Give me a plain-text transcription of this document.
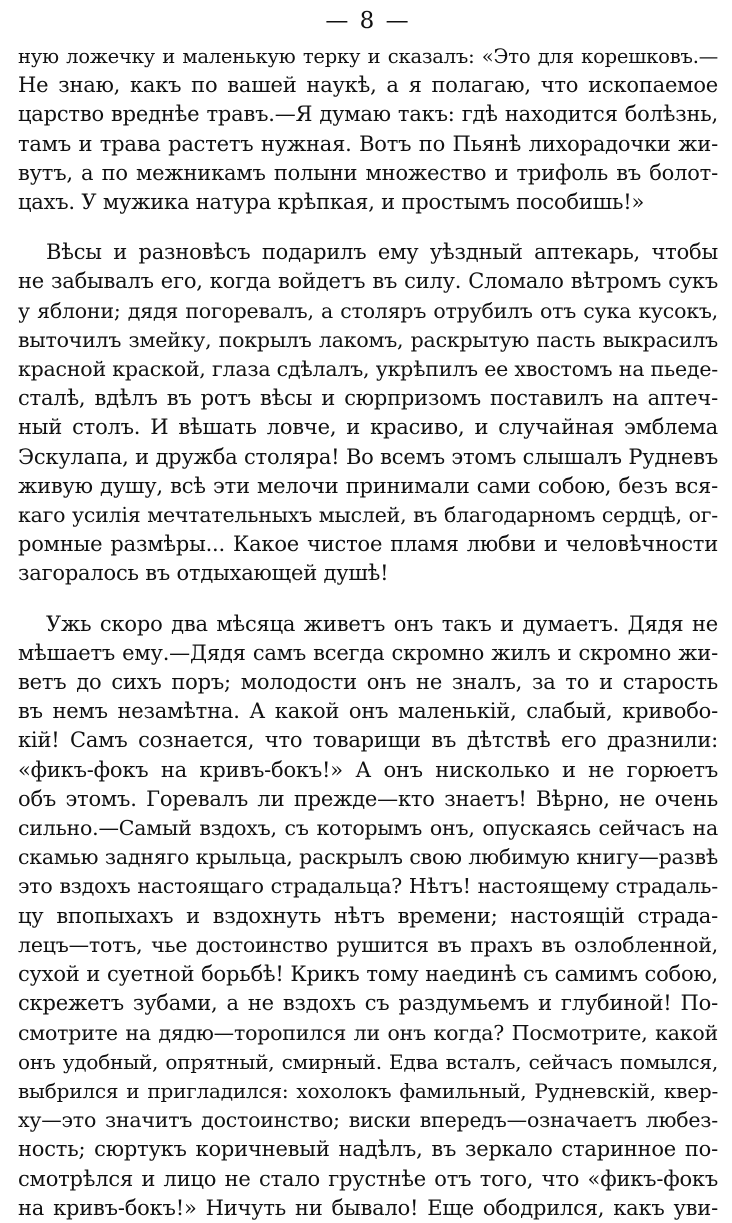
— 8 —
ную ложечку и маленькую терку и сказалъ: «Это для корешковъ.—
Не знаю, какъ по вашей наукѣ, а я полагаю, что ископаемое
царство вреднѣе травъ.—Я думаю такъ: гдѣ находится болѣзнь,
тамъ и трава растетъ нужная. Вотъ по Пьянѣ лихорадочки жи-
вутъ, а по межникамъ полыни множество и трифоль въ болот-
цахъ. У мужика натура крѣпкая, и простымъ пособишь!»
Вѣсы и разновѣсъ подарилъ ему уѣздный аптекарь, чтобы
не забывалъ его, когда войдетъ въ силу. Сломало вѣтромъ сукъ
у яблони; дядя погоревалъ, а столяръ отрубилъ отъ сука кусокъ,
выточилъ змейку, покрылъ лакомъ, раскрытую пасть выкрасилъ
красной краской, глаза сдѣлалъ, укрѣпилъ ее хвостомъ на пьеде-
сталѣ, вдѣлъ въ ротъ вѣсы и сюрпризомъ поставилъ на аптеч-
ный столъ. И вѣшать ловче, и красиво, и случайная эмблема
Эскулапа, и дружба столяра! Во всемъ этомъ слышалъ Рудневъ
живую душу, всѣ эти мелочи принимали сами собою, безъ вся-
каго усилія мечтательныхъ мыслей, въ благодарномъ сердцѣ, ог-
ромные размѣры... Какое чистое пламя любви и человѣчности
загоралось въ отдыхающей душѣ!
Ужь скоро два мѣсяца живетъ онъ такъ и думаетъ. Дядя не
мѣшаетъ ему.—Дядя самъ всегда скромно жилъ и скромно жи-
ветъ до сихъ поръ; молодости онъ не зналъ, за то и старость
въ немъ незамѣтна. А какой онъ маленькій, слабый, кривобо-
кій! Самъ сознается, что товарищи въ дѣтствѣ его дразнили:
«фикъ-фокъ на кривъ-бокъ!» А онъ нисколько и не горюетъ
объ этомъ. Горевалъ ли прежде—кто знаетъ! Вѣрно, не очень
сильно.—Самый вздохъ, съ которымъ онъ, опускаясь сейчасъ на
скамью задняго крыльца, раскрылъ свою любимую книгу—развѣ
это вздохъ настоящаго страдальца? Нѣтъ! настоящему страдаль-
цу впопыхахъ и вздохнуть нѣтъ времени; настоящій страда-
лецъ—тотъ, чье достоинство рушится въ прахъ въ озлобленной,
сухой и суетной борьбѣ! Крикъ тому наединѣ съ самимъ собою,
скрежетъ зубами, а не вздохъ съ раздумьемъ и глубиной! По-
смотрите на дядю—торопился ли онъ когда? Посмотрите, какой
онъ удобный, опрятный, смирный. Едва всталъ, сейчасъ помылся,
выбрился и пригладился: хохолокъ фамильный, Рудневскій, квер-
ху—это значитъ достоинство; виски впередъ—означаетъ любез-
ность; сюртукъ коричневый надѣлъ, въ зеркало старинное по-
смотрѣлся и лицо не стало грустнѣе отъ того, что «фикъ-фокъ
на кривъ-бокъ!» Ничуть ни бывало! Еще ободрился, какъ уви-
